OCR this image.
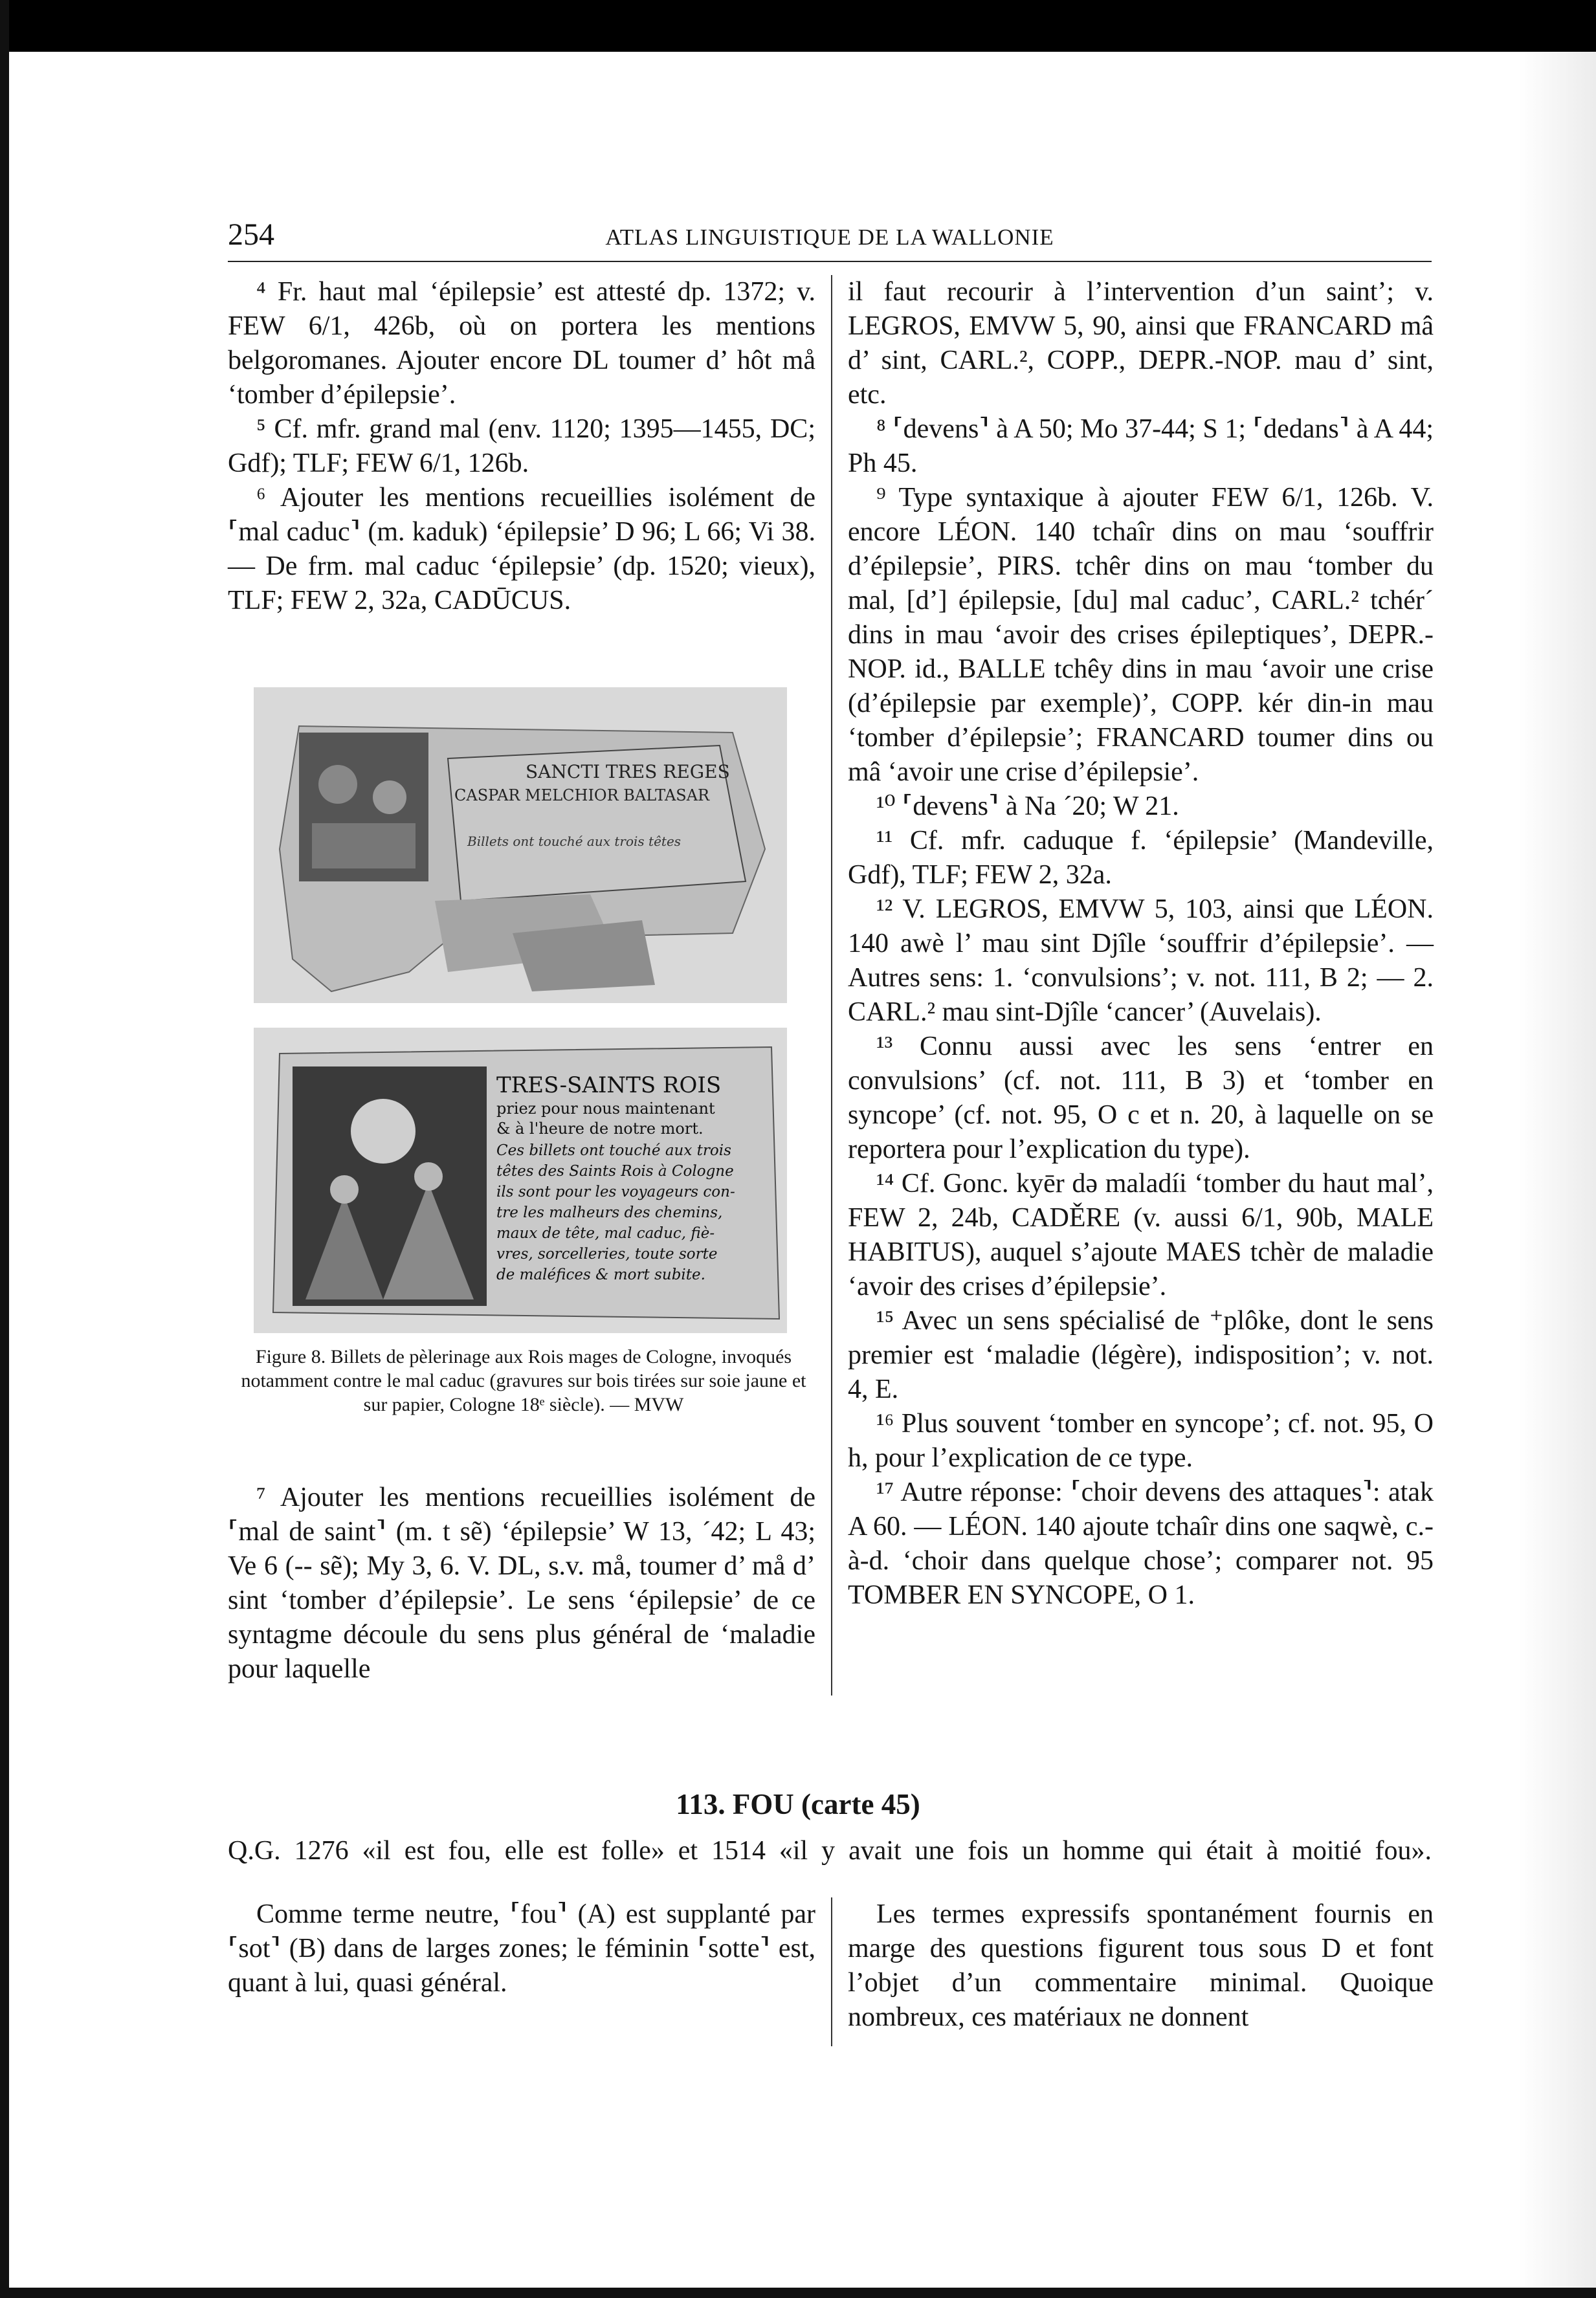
254	ATLAS LINGUISTIQUE DE LA WALLONIE

⁴ Fr. haut mal ‘épilepsie’ est attesté dp. 1372; v. FEW 6/1, 426b, où on portera les mentions belgoromanes. Ajouter encore DL toumer d’ hôt må ‘tomber d’épilepsie’.

⁵ Cf. mfr. grand mal (env. 1120; 1395—1455, DC; Gdf); TLF; FEW 6/1, 126b.

⁶ Ajouter les mentions recueillies isolément de ⸢mal caduc⸣ (m. kaduk) ‘épilepsie’ D 96; L 66; Vi 38. — De frm. mal caduc ‘épilepsie’ (dp. 1520; vieux), TLF; FEW 2, 32a, CADŪCUS.

SANCTI TRES REGES
CASPAR MELCHIOR BALTASAR
Billets ont touché aux trois têtes
TRES-SAINTS ROIS
priez pour nous maintenant
& à l'heure de notre mort.
Ces billets ont touché aux trois
têtes des Saints Rois à Cologne
ils sont pour les voyageurs con-
tre les malheurs des chemins,
maux de tête, mal caduc, fiè-
vres, sorcelleries, toute sorte
de maléfices & mort subite.
Figure 8. Billets de pèlerinage aux Rois mages de Cologne, invoqués notamment contre le mal caduc (gravures sur bois tirées sur soie jaune et sur papier, Cologne 18ᵉ siècle). — MVW

⁷ Ajouter les mentions recueillies isolément de ⸢mal de saint⸣ (m. t sẽ) ‘épilepsie’ W 13, ´42; L 43; Ve 6 (-- sẽ); My 3, 6. V. DL, s.v. må, toumer d’ må d’ sint ‘tomber d’épilepsie’. Le sens ‘épilepsie’ de ce syntagme découle du sens plus général de ‘maladie pour laquelle

il faut recourir à l’intervention d’un saint’; v. LEGROS, EMVW 5, 90, ainsi que FRANCARD mâ d’ sint, CARL.², COPP., DEPR.-NOP. mau d’ sint, etc.

⁸ ⸢devens⸣ à A 50; Mo 37-44; S 1; ⸢dedans⸣ à A 44; Ph 45.

⁹ Type syntaxique à ajouter FEW 6/1, 126b. V. encore LÉON. 140 tchaîr dins on mau ‘souffrir d’épilepsie’, PIRS. tchêr dins on mau ‘tomber du mal, [d’] épilepsie, [du] mal caduc’, CARL.² tchér´ dins in mau ‘avoir des crises épileptiques’, DEPR.-NOP. id., BALLE tchêy dins in mau ‘avoir une crise (d’épilepsie par exemple)’, COPP. kér din-in mau ‘tomber d’épilepsie’; FRANCARD toumer dins ou mâ ‘avoir une crise d’épilepsie’.

¹⁰ ⸢devens⸣ à Na ´20; W 21.

¹¹ Cf. mfr. caduque f. ‘épilepsie’ (Mandeville, Gdf), TLF; FEW 2, 32a.

¹² V. LEGROS, EMVW 5, 103, ainsi que LÉON. 140 awè l’ mau sint Djîle ‘souffrir d’épilepsie’. — Autres sens: 1. ‘convulsions’; v. not. 111, B 2; — 2. CARL.² mau sint-Djîle ‘cancer’ (Auvelais).

¹³ Connu aussi avec les sens ‘entrer en convulsions’ (cf. not. 111, B 3) et ‘tomber en syncope’ (cf. not. 95, O c et n. 20, à laquelle on se reportera pour l’explication du type).

¹⁴ Cf. Gonc. kyēr də maladíi ‘tomber du haut mal’, FEW 2, 24b, CADĚRE (v. aussi 6/1, 90b, MALE HABITUS), auquel s’ajoute MAES tchèr de maladie ‘avoir des crises d’épilepsie’.

¹⁵ Avec un sens spécialisé de ⁺plôke, dont le sens premier est ‘maladie (légère), indisposition’; v. not. 4, E.

¹⁶ Plus souvent ‘tomber en syncope’; cf. not. 95, O h, pour l’explication de ce type.

¹⁷ Autre réponse: ⸢choir devens des attaques⸣: atak A 60. — LÉON. 140 ajoute tchaîr dins one saqwè, c.-à-d. ‘choir dans quelque chose’; comparer not. 95 TOMBER EN SYNCOPE, O 1.

113. FOU (carte 45)
Q.G. 1276 «il est fou, elle est folle» et 1514 «il y avait une fois un homme qui était à moitié fou».

Comme terme neutre, ⸢fou⸣ (A) est supplanté par ⸢sot⸣ (B) dans de larges zones; le féminin ⸢sotte⸣ est, quant à lui, quasi général.

Les termes expressifs spontanément fournis en marge des questions figurent tous sous D et font l’objet d’un commentaire minimal. Quoique nombreux, ces matériaux ne donnent
